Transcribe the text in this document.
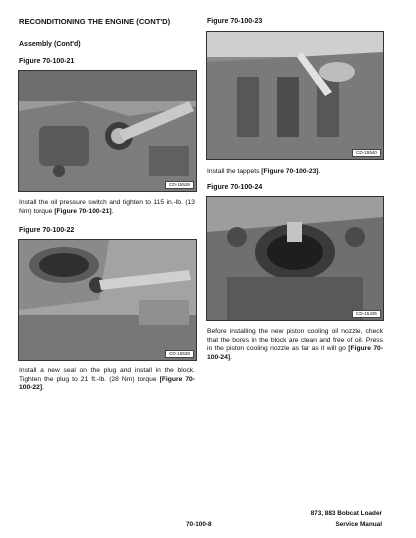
RECONDITIONING THE ENGINE (CONT'D)
Assembly (Cont'd)
Figure 70-100-21
CD-15528
Install the oil pressure switch and tighten to 115 in.-lb. (13 Nm) torque [Figure 70-100-21].
Figure 70-100-22
CD-15528
Install a new seal on the plug and install in the block. Tighten the plug to 21 ft.-lb. (28 Nm) torque [Figure 70-100-22].
Figure 70-100-23
CD-15540
Install the tappets [Figure 70-100-23].
Figure 70-100-24
CD-15435
Before installing the new piston cooling oil nozzle, check that the bores in the block are clean and free of oil. Press in the piston cooling nozzle as far as it will go [Figure 70-100-24].
70-100-8
873, 883 Bobcat Loader
Service Manual
